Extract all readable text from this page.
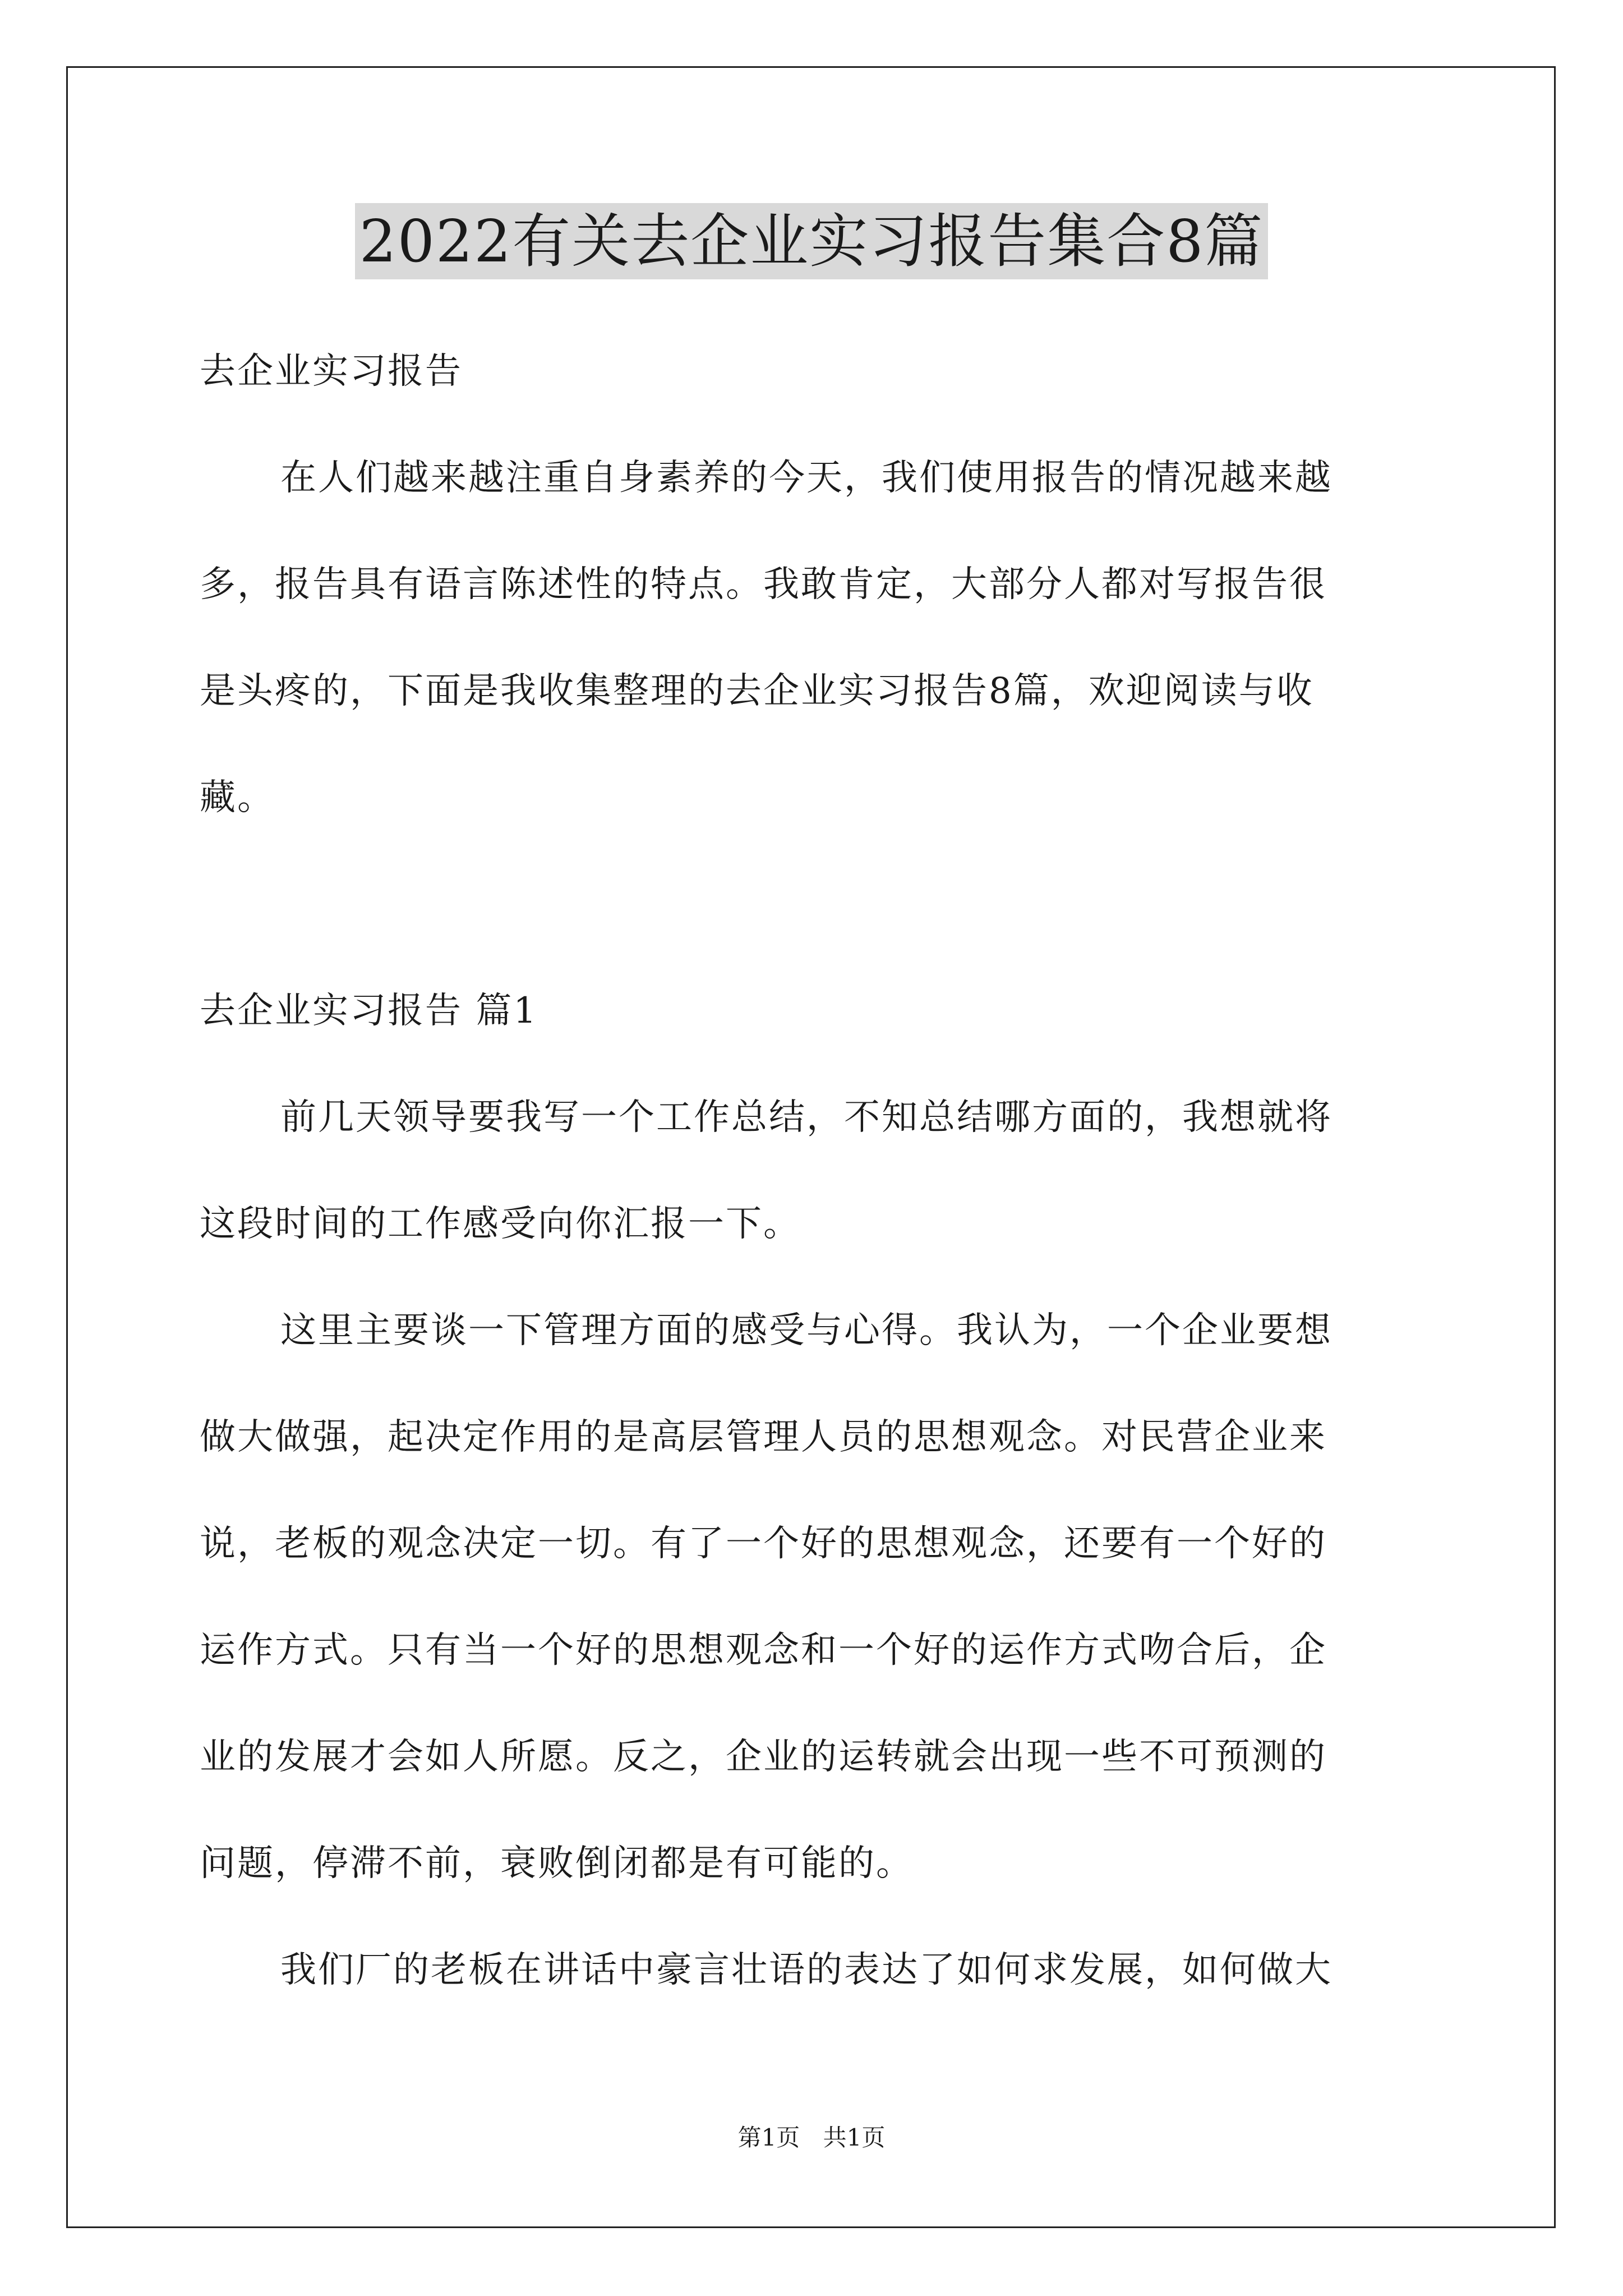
2022有关去企业实习报告集合8篇
去企业实习报告
在人们越来越注重自身素养的今天，我们使用报告的情况越来越
多，报告具有语言陈述性的特点。我敢肯定，大部分人都对写报告很
是头疼的，下面是我收集整理的去企业实习报告8篇，欢迎阅读与收
藏。
去企业实习报告 篇1
前几天领导要我写一个工作总结，不知总结哪方面的，我想就将
这段时间的工作感受向你汇报一下。
这里主要谈一下管理方面的感受与心得。我认为，一个企业要想
做大做强，起决定作用的是高层管理人员的思想观念。对民营企业来
说，老板的观念决定一切。有了一个好的思想观念，还要有一个好的
运作方式。只有当一个好的思想观念和一个好的运作方式吻合后，企
业的发展才会如人所愿。反之，企业的运转就会出现一些不可预测的
问题，停滞不前，衰败倒闭都是有可能的。
我们厂的老板在讲话中豪言壮语的表达了如何求发展，如何做大
第1页 共1页
